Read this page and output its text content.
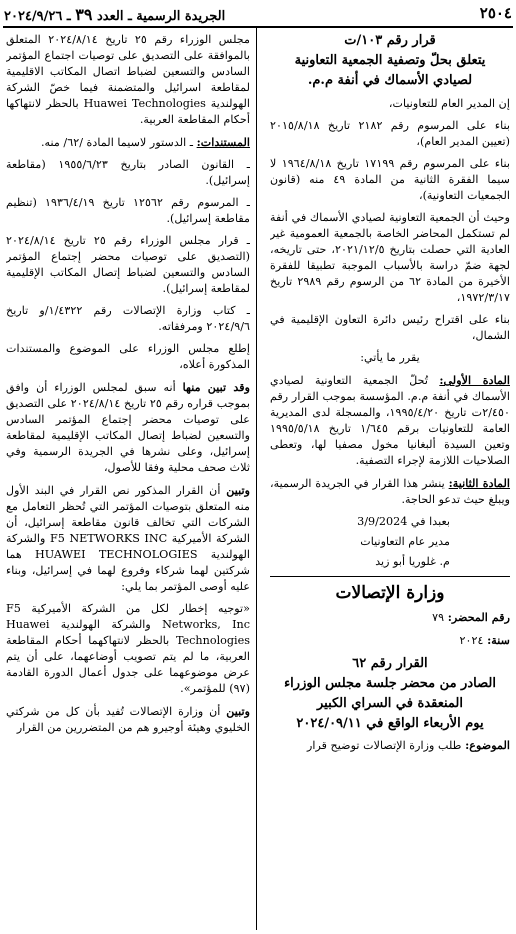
٢٥٠٤
الجريدة الرسمية ـ العدد ٣٩ ـ ٢٠٢٤/٩/٢٦
قرار رقم ١٠٣/ت
يتعلق بحلّ وتصفية الجمعية التعاونية
لصيادي الأسماك في أنفة م.م.

إن المدير العام للتعاونيات،

بناء على المرسوم رقم ٢١٨٢ تاريخ ٢٠١٥/٨/١٨ (تعيين المدير العام)،

بناء على المرسوم رقم ١٧١٩٩ تاريخ ١٩٦٤/٨/١٨ لا سيما الفقرة الثانية من المادة ٤٩ منه (قانون الجمعيات التعاونية)،

وحيث أن الجمعية التعاونية لصيادي الأسماك في أنفة لم تستكمل المحاضر الخاصة بالجمعية العمومية غير العادية التي حصلت بتاريخ ٢٠٢١/١٢/٥، حتى تاريخه، لجهة ضمّ دراسة بالأسباب الموجبة تطبيقا للفقرة الأخيرة من المادة ٦٢ من الرسوم رقم ٢٩٨٩ تاريخ ١٩٧٢/٣/١٧،

بناء على اقتراح رئيس دائرة التعاون الإقليمية في الشمال،

يقرر ما يأتي:

المادة الأولى: تُحلّ الجمعية التعاونية لصيادي الأسماك في أنفة م.م. المؤسسة بموجب القرار رقم ٢/٤٥٠ت تاريخ ١٩٩٥/٤/٢٠، والمسجلة لدى المديرية العامة للتعاونيات برقم ١/٦٤٥ تاريخ ١٩٩٥/٥/١٨ وتعين السيدة ألبغانيا مخول مصفيا لها، وتعطى الصلاحيات اللازمة لإجراء التصفية.

المادة الثانية: ينشر هذا القرار في الجريدة الرسمية، ويبلغ حيث تدعو الحاجة.

بعبدا في 3/9/2024
مدير عام التعاونيات
م. غلوريا أبو زيد
وزارة الإتصالات

رقم المحضر: ٧٩

سنة: ٢٠٢٤

القرار رقم ٦٢
الصادر من محضر جلسة مجلس الوزراء
المنعقدة في السراي الكبير
يوم الأربعاء الواقع في ٢٠٢٤/٠٩/١١

الموضوع: طلب وزارة الإتصالات توضيح قرار

مجلس الوزراء رقم ٢٥ تاريخ ٢٠٢٤/٨/١٤ المتعلق بالموافقة على التصديق على توصيات اجتماع المؤتمر السادس والتسعين لضباط اتصال المكاتب الاقليمية لمقاطعة اسرائيل والمتضمنة فيما خصّ الشركة الهولندية Huawei Technologies بالحظر لانتهاكها أحكام المقاطعة العربية.

المستندات: ـ الدستور لاسيما المادة /٦٢/ منه.

ـ القانون الصادر بتاريخ ١٩٥٥/٦/٢٣ (مقاطعة إسرائيل).

ـ المرسوم رقم ١٢٥٦٢ تاريخ ١٩٣٦/٤/١٩ (تنظيم مقاطعة إسرائيل).

ـ قرار مجلس الوزراء رقم ٢٥ تاريخ ٢٠٢٤/٨/١٤ (التصديق على توصيات محضر إجتماع المؤتمر السادس والتسعين لضباط إتصال المكاتب الإقليمية لمقاطعة إسرائيل).

ـ كتاب وزارة الإتصالات رقم ١/٤٣٢٢/و تاريخ ٢٠٢٤/٩/٦ ومرفقاته.

إطلع مجلس الوزراء على الموضوع والمستندات المذكورة أعلاه،

وقد تبين منها أنه سبق لمجلس الوزراء أن وافق بموجب قراره رقم ٢٥ تاريخ ٢٠٢٤/٨/١٤ على التصديق على توصيات محضر إجتماع المؤتمر السادس والتسعين لضباط إتصال المكاتب الإقليمية لمقاطعة إسرائيل، وعلى نشرها في الجريدة الرسمية وفي ثلاث صحف محلية وفقا للأصول،

وتبين أن القرار المذكور نص القرار في البند الأول منه المتعلق بتوصيات المؤتمر التي تُحظر التعامل مع الشركات التي تخالف قانون مقاطعة إسرائيل، أن الشركة الأميركية F5 NETWORKS INC والشركة الهولندية HUAWEI TECHNOLOGIES هما شركتين لهما شركاء وفروع لهما في إسرائيل، وبناء عليه أوصى المؤتمر بما يلي:

«توجيه إخطار لكل من الشركة الأميركية F5 Networks, Inc والشركة الهولندية Huawei Technologies بالحظر لانتهاكهما أحكام المقاطعة العربية، ما لم يتم تصويب أوضاعهما، على أن يتم عرض موضوعهما على جدول أعمال الدورة القادمة (٩٧) للمؤتمر».

وتبين أن وزارة الإتصالات تُفيد بأن كل من شركتي الخليوي وهيئة أوجيرو هم من المتضررين من القرار
